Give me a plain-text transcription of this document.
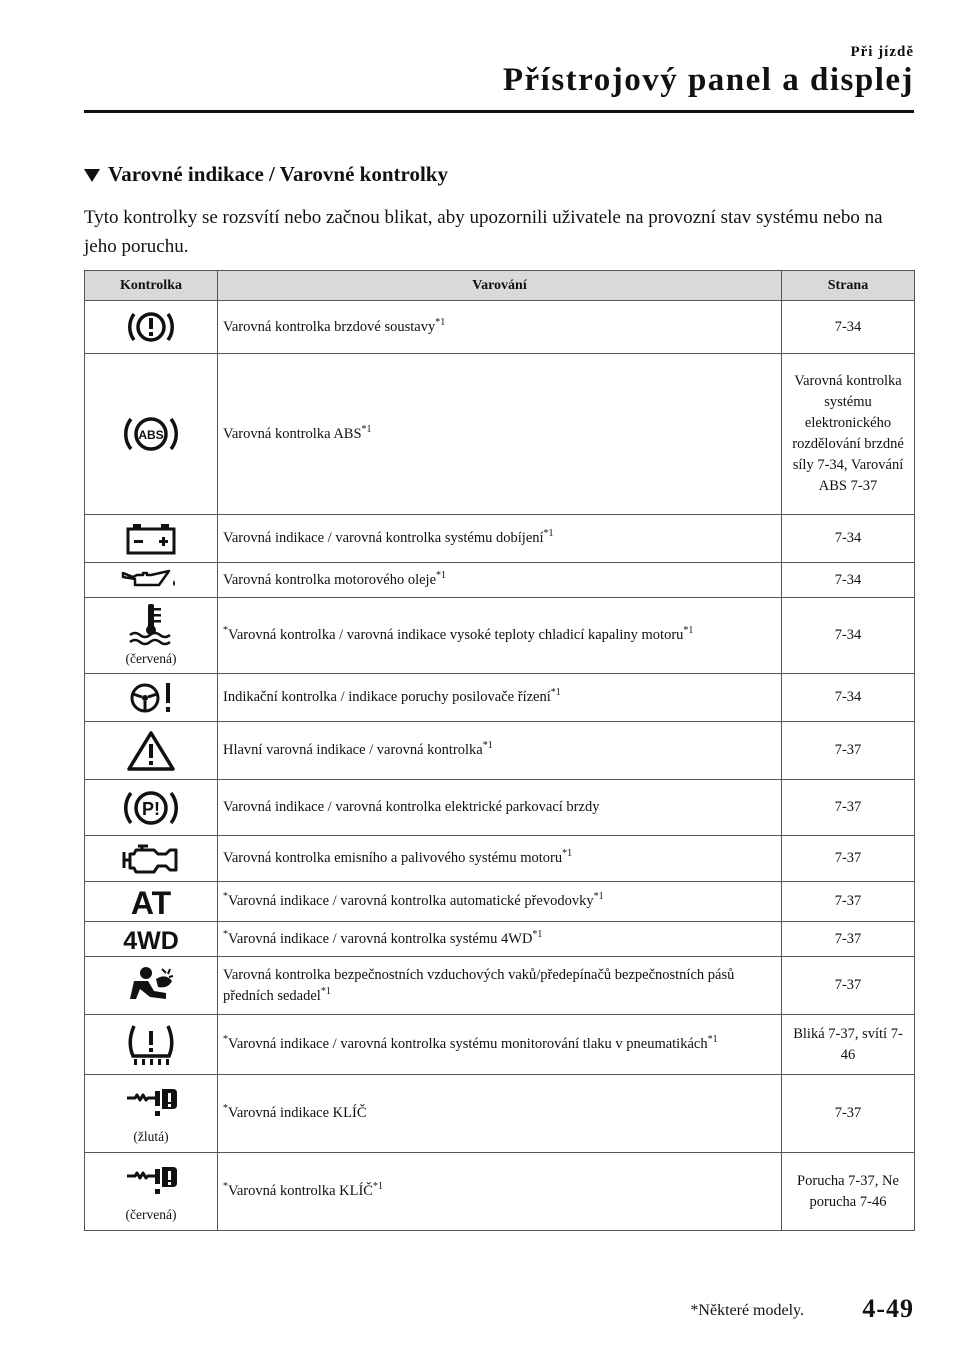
Při jízdě
Přístrojový panel a displej
Varovné indikace / Varovné kontrolky
Tyto kontrolky se rozsvítí nebo začnou blikat, aby upozornili uživatele na provozní stav systému nebo na jeho poruchu.
Kontrolka	Varování	Strana

	Varovná kontrolka brzdové soustavy$^{*1}$	7-34

ABS	Varovná kontrolka ABS$^{*1}$	Varovná kontrolka systému elektronického rozdělování brzdné síly 7-34, Varování ABS 7-37

	Varovná indikace / varovná kontrolka systému dobíjení$^{*1}$	7-34

	Varovná kontrolka motorového oleje$^{*1}$	7-34

(červená)	*Varovná kontrolka / varovná indikace vysoké teploty chladicí kapaliny motoru$^{*1}$	7-34

	Indikační kontrolka / indikace poruchy posilovače řízení$^{*1}$	7-34

	Hlavní varovná indikace / varovná kontrolka$^{*1}$	7-37

P!	Varovná indikace / varovná kontrolka elektrické parkovací brzdy	7-37

	Varovná kontrolka emisního a palivového systému motoru$^{*1}$	7-37

AT	*Varovná indikace / varovná kontrolka automatické převodovky$^{*1}$	7-37

4WD	*Varovná indikace / varovná kontrolka systému 4WD$^{*1}$	7-37

	Varovná kontrolka bezpečnostních vzduchových vaků/předepínačů bezpečnostních pásů předních sedadel$^{*1}$	7-37

	*Varovná indikace / varovná kontrolka systému monitorování tlaku v pneumatikách$^{*1}$	Bliká 7-37, svítí 7-46

(žlutá)	*Varovná indikace KLÍČ	7-37

(červená)	*Varovná kontrolka KLÍČ$^{*1}$	Porucha 7-37, Ne porucha 7-46
*Některé modely. 4-49
